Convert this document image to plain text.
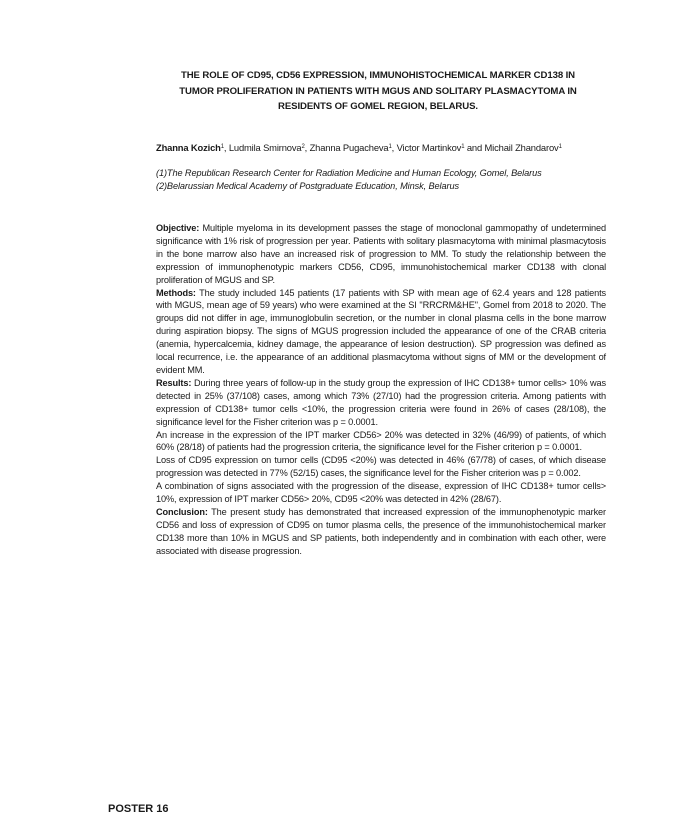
THE ROLE OF CD95, CD56 EXPRESSION, IMMUNOHISTOCHEMICAL MARKER CD138 IN
TUMOR PROLIFERATION IN PATIENTS WITH MGUS AND SOLITARY PLASMACYTOMA IN
RESIDENTS OF GOMEL REGION, BELARUS.
Zhanna Kozich$^1$, Ludmila Smirnova$^2$, Zhanna Pugacheva$^1$, Victor Martinkov$^1$ and Michail Zhandarov$^1$
(1)The Republican Research Center for Radiation Medicine and Human Ecology, Gomel, Belarus
(2)Belarussian Medical Academy of Postgraduate Education, Minsk, Belarus

Objective: Multiple myeloma in its development passes the stage of monoclonal gammopathy of undetermined significance with 1% risk of progression per year. Patients with solitary plasmacytoma with minimal plasmacytosis in the bone marrow also have an increased risk of progression to MM. To study the relationship between the expression of immunophenotypic markers CD56, CD95, immunohistochemical marker CD138 with clonal proliferation of MGUS and SP.

Methods: The study included 145 patients (17 patients with SP with mean age of 62.4 years and 128 patients with MGUS, mean age of 59 years) who were examined at the SI "RRCRM&HE", Gomel from 2018 to 2020. The groups did not differ in age, immunoglobulin secretion, or the number in clonal plasma cells in the bone marrow during aspiration biopsy. The signs of MGUS progression included the appearance of one of the CRAB criteria (anemia, hypercalcemia, kidney damage, the appearance of lesion destruction). SP progression was defined as local recurrence, i.e. the appearance of an additional plasmacytoma without signs of MM or the development of evident MM.

Results: During three years of follow-up in the study group the expression of IHC CD138+ tumor cells> 10% was detected in 25% (37/108) cases, among which 73% (27/10) had the progression criteria. Among patients with expression of CD138+ tumor cells <10%, the progression criteria were found in 26% of cases (28/108), the significance level for the Fisher criterion was p = 0.0001.

An increase in the expression of the IPT marker CD56> 20% was detected in 32% (46/99) of patients, of which 60% (28/18) of patients had the progression criteria, the significance level for the Fisher criterion p = 0.0001.

Loss of CD95 expression on tumor cells (CD95 <20%) was detected in 46% (67/78) of cases, of which disease progression was detected in 77% (52/15) cases, the significance level for the Fisher criterion was p = 0.002.

A combination of signs associated with the progression of the disease, expression of IHC CD138+ tumor cells> 10%, expression of IPT marker CD56> 20%, CD95 <20% was detected in 42% (28/67).

Conclusion: The present study has demonstrated that increased expression of the immunophenotypic marker CD56 and loss of expression of CD95 on tumor plasma cells, the presence of the immunohistochemical marker CD138 more than 10% in MGUS and SP patients, both independently and in combination with each other, were associated with disease progression.

POSTER 16
